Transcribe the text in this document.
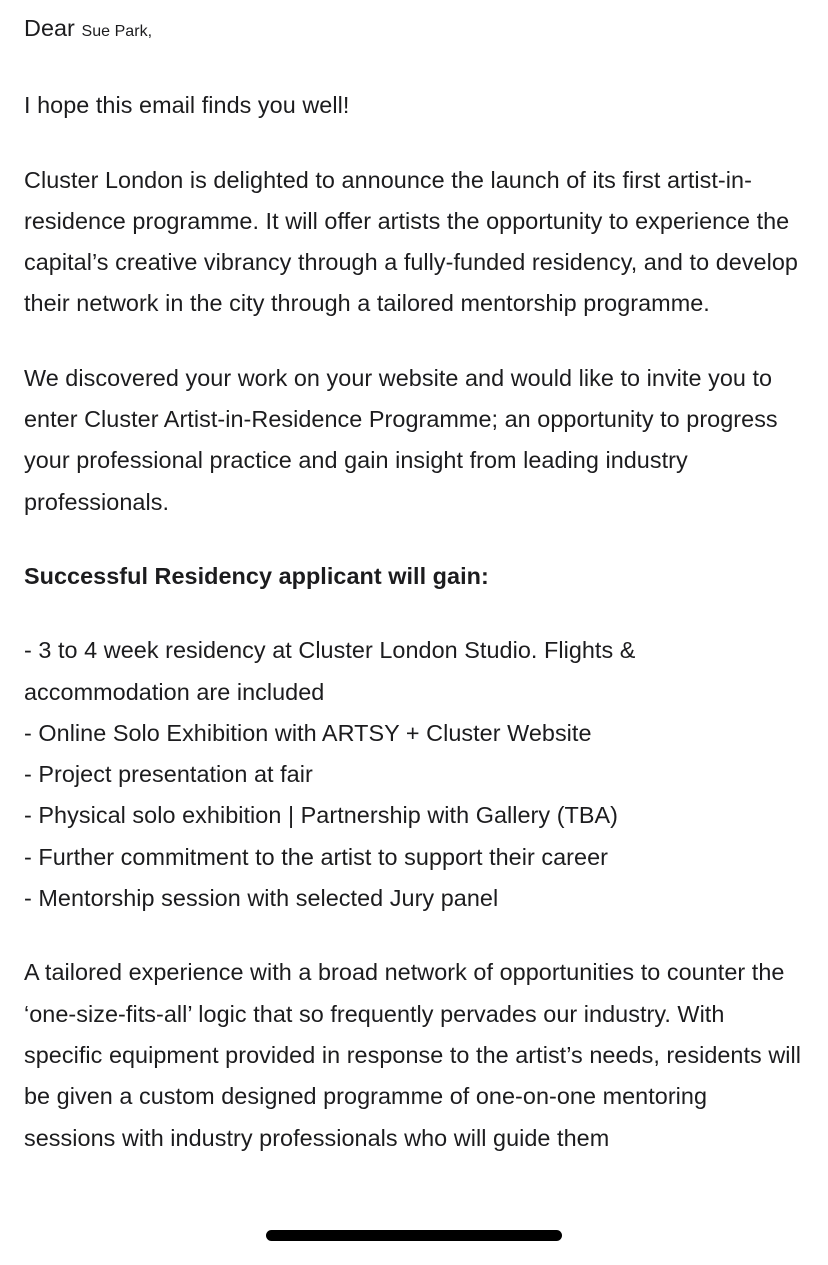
Dear Sue Park,

I hope this email finds you well!

Cluster London is delighted to announce the launch of its first artist-in-residence programme. It will offer artists the opportunity to experience the capital’s creative vibrancy through a fully-funded residency, and to develop their network in the city through a tailored mentorship programme.

We discovered your work on your website and would like to invite you to enter Cluster Artist-in-Residence Programme; an opportunity to progress your professional practice and gain insight from leading industry professionals.

Successful Residency applicant will gain:

- 3 to 4 week residency at Cluster London Studio. Flights & accommodation are included
- Online Solo Exhibition with ARTSY + Cluster Website
- Project presentation at fair
- Physical solo exhibition | Partnership with Gallery (TBA)
- Further commitment to the artist to support their career
- Mentorship session with selected Jury panel

A tailored experience with a broad network of opportunities to counter the ‘one-size-fits-all’ logic that so frequently pervades our industry. With specific equipment provided in response to the artist’s needs, residents will be given a custom designed programme of one-on-one mentoring sessions with industry professionals who will guide them
